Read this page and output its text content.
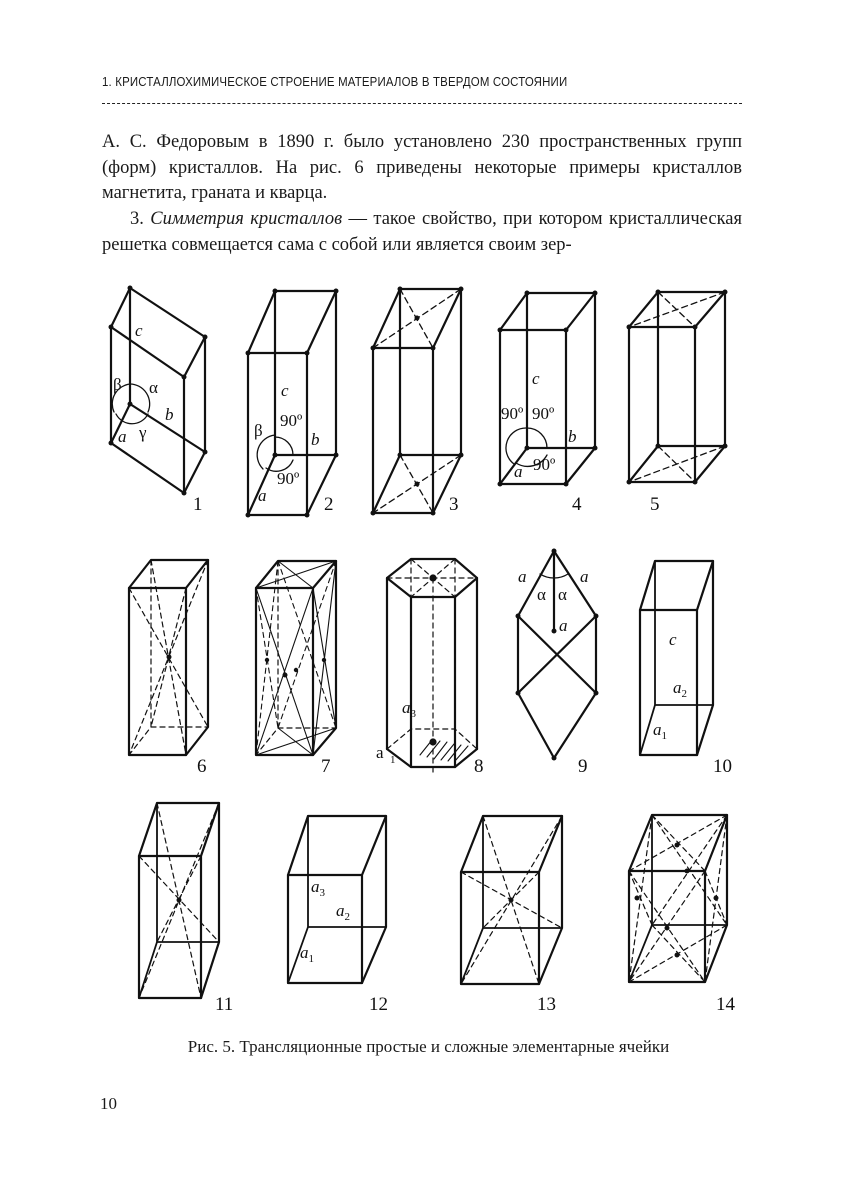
1. КРИСТАЛЛОХИМИЧЕСКОЕ СТРОЕНИЕ МАТЕРИАЛОВ В ТВЕРДОМ СОСТОЯНИИ

А. С. Федоровым в 1890 г. было установлено 230 пространственных групп (форм) кристаллов. На рис. 6 приведены некоторые примеры кристаллов магнетита, граната и кварца.

3. Симметрия кристаллов — такое свойство, при котором кристаллическая решетка совмещается сама с собой или является своим зер-

c
β α
b
a γ
c
90º
β	b
90º
a
c
90º 90º
b
90º
a
$a_3$
a 1
a	a
α α
a
c
$a_2$
$a_1$
$a_3$
$a_2$
$a_1$
1	2	3	4	5
6	7	8	9	10
11	12	13	14
Рис. 5. Трансляционные простые и сложные элементарные ячейки
10
